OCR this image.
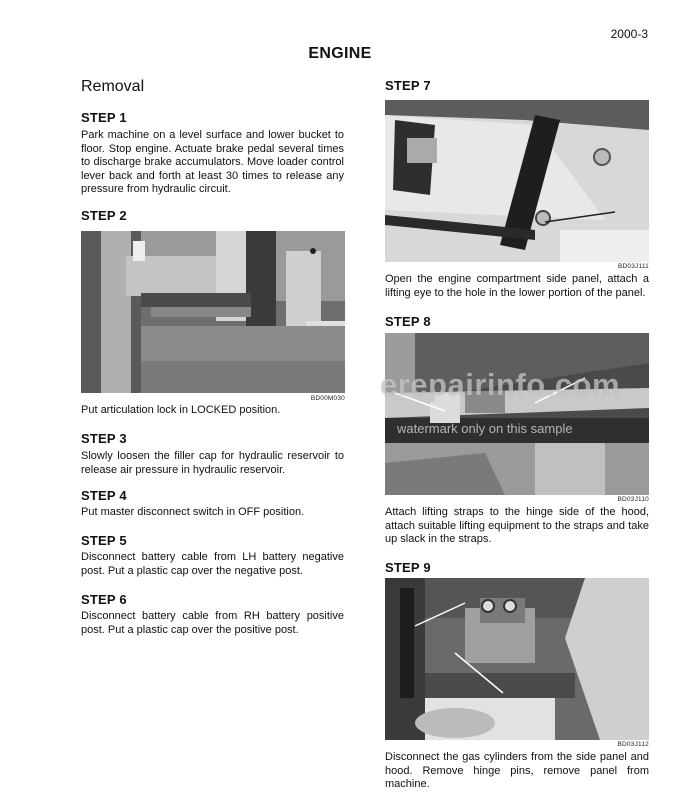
2000-3
ENGINE
Removal
STEP 1
Park machine on a level surface and lower bucket to floor. Stop engine. Actuate brake pedal several times to discharge brake accumulators. Move loader control lever back and forth at least 30 times to release any pressure from hydraulic circuit.
STEP 2
BD00M030
Put articulation lock in LOCKED position.
STEP 3
Slowly loosen the filler cap for hydraulic reservoir to release air pressure in hydraulic reservoir.
STEP 4
Put master disconnect switch in OFF position.
STEP 5
Disconnect battery cable from LH battery negative post. Put a plastic cap over the negative post.
STEP 6
Disconnect battery cable from RH battery positive post. Put a plastic cap over the positive post.
STEP 7
BD03J111
Open the engine compartment side panel, attach a lifting eye to the hole in the lower portion of the panel.
STEP 8
BD03J110
Attach lifting straps to the hinge side of the hood, attach suitable lifting equipment to the straps and take up slack in the straps.
STEP 9
BD03J112
Disconnect the gas cylinders from the side panel and hood. Remove hinge pins, remove panel from machine.
erepairinfo.com
watermark only on this sample
